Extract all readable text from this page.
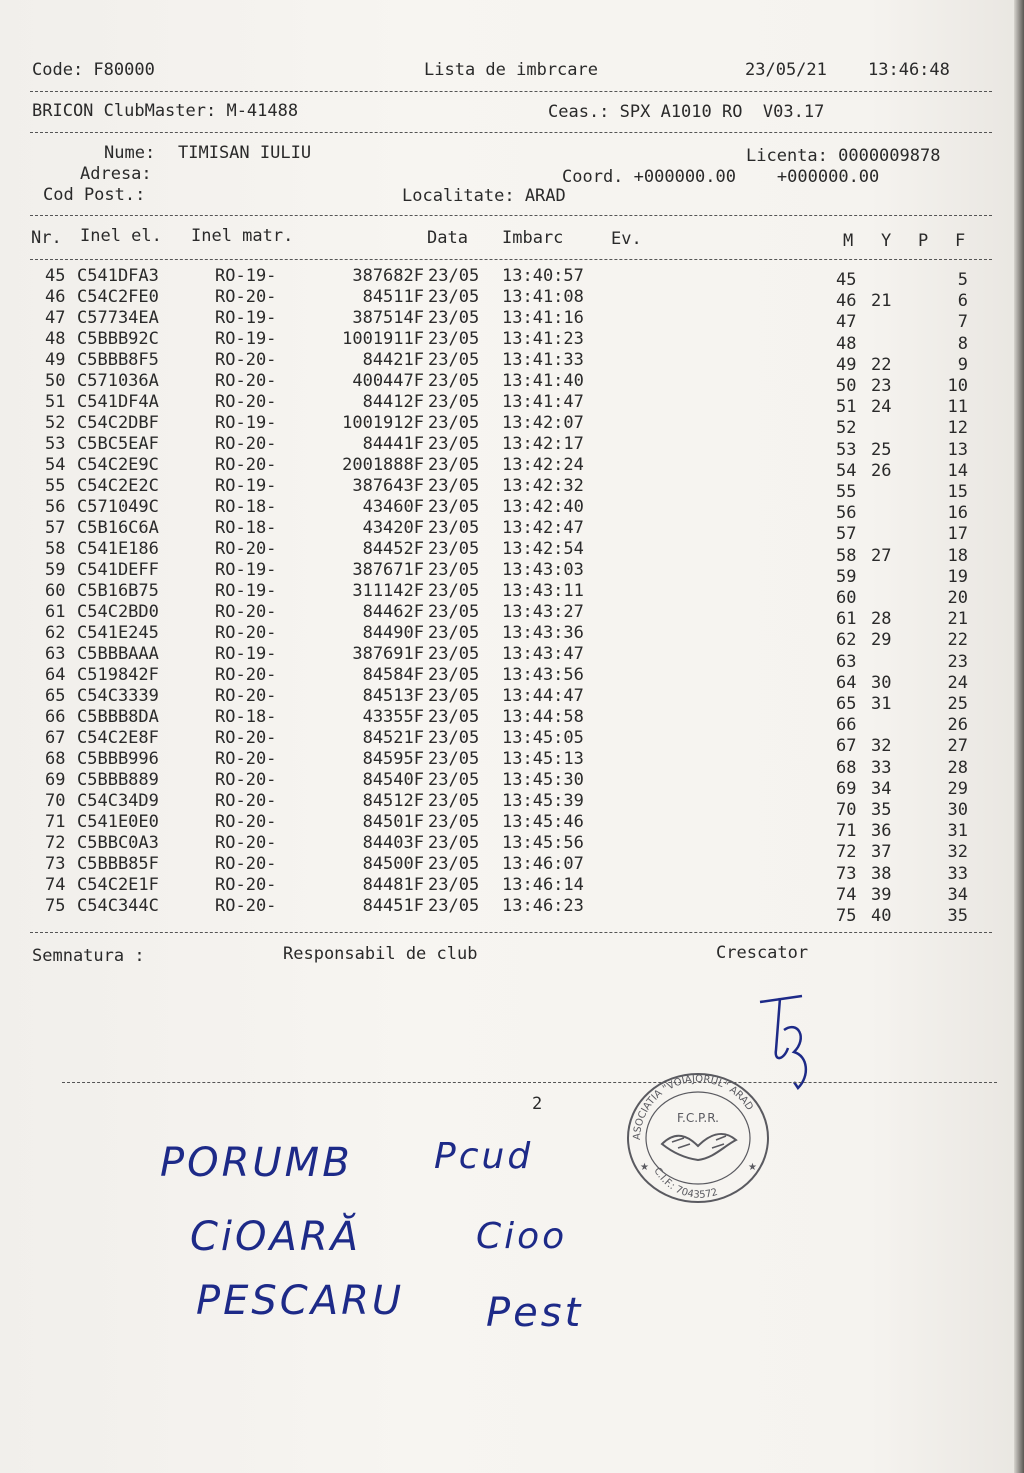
Code: F80000	Lista de imbrcare	23/05/21 13:46:48
BRICON ClubMaster: M-41488	Ceas.: SPX A1010 RO  V03.17
Nume: TIMISAN IULIU	Licenta: 0000009878
Adresa:	Coord. +000000.00    +000000.00
Cod Post.:	Localitate: ARAD
Nr. Inel el. Inel matr.	Data Imbarc	Ev.	M Y P F
45 C541DFA3	RO-19-	387682F 23/05 13:40:57	45	5
46 C54C2FE0	RO-20-	84511F 23/05 13:41:08	46 21	6
47 C57734EA	RO-19-	387514F 23/05 13:41:16	47	7
48 C5BBB92C	RO-19-	1001911F 23/05 13:41:23	48	8
49 C5BBB8F5	RO-20-	84421F 23/05 13:41:33	49 22	9
50 C571036A	RO-20-	400447F 23/05 13:41:40	50 23	10
51 C541DF4A	RO-20-	84412F 23/05 13:41:47	51 24	11
52 C54C2DBF	RO-19-	1001912F 23/05 13:42:07	52	12
53 C5BC5EAF	RO-20-	84441F 23/05 13:42:17	53 25	13
54 C54C2E9C	RO-20-	2001888F 23/05 13:42:24	54 26	14
55 C54C2E2C	RO-19-	387643F 23/05 13:42:32	55	15
56 C571049C	RO-18-	43460F 23/05 13:42:40	56	16
57 C5B16C6A	RO-18-	43420F 23/05 13:42:47	57	17
58 C541E186	RO-20-	84452F 23/05 13:42:54	58 27	18
59 C541DEFF	RO-19-	387671F 23/05 13:43:03	59	19
60 C5B16B75	RO-19-	311142F 23/05 13:43:11	60	20
61 C54C2BD0	RO-20-	84462F 23/05 13:43:27	61 28	21
62 C541E245	RO-20-	84490F 23/05 13:43:36	62 29	22
63 C5BBBAAA	RO-19-	387691F 23/05 13:43:47	63	23
64 C519842F	RO-20-	84584F 23/05 13:43:56	64 30	24
65 C54C3339	RO-20-	84513F 23/05 13:44:47	65 31	25
66 C5BBB8DA	RO-18-	43355F 23/05 13:44:58	66	26
67 C54C2E8F	RO-20-	84521F 23/05 13:45:05	67 32	27
68 C5BBB996	RO-20-	84595F 23/05 13:45:13	68 33	28
69 C5BBB889	RO-20-	84540F 23/05 13:45:30	69 34	29
70 C54C34D9	RO-20-	84512F 23/05 13:45:39	70 35	30
71 C541E0E0	RO-20-	84501F 23/05 13:45:46	71 36	31
72 C5BBC0A3	RO-20-	84403F 23/05 13:45:56	72 37	32
73 C5BBB85F	RO-20-	84500F 23/05 13:46:07	73 38	33
74 C54C2E1F	RO-20-	84481F 23/05 13:46:14	74 39	34
75 C54C344C	RO-20-	84451F 23/05 13:46:23	75 40	35
Semnatura :	Responsabil de club	Crescator
2
ASOCIATIA "VOIAJORUL" ARAD
F.C.P.R.
★	★
C.I.F.: 7043572
PORUMB
CiOARĂ
PESCARU
Pcud
Cioo
Pest
